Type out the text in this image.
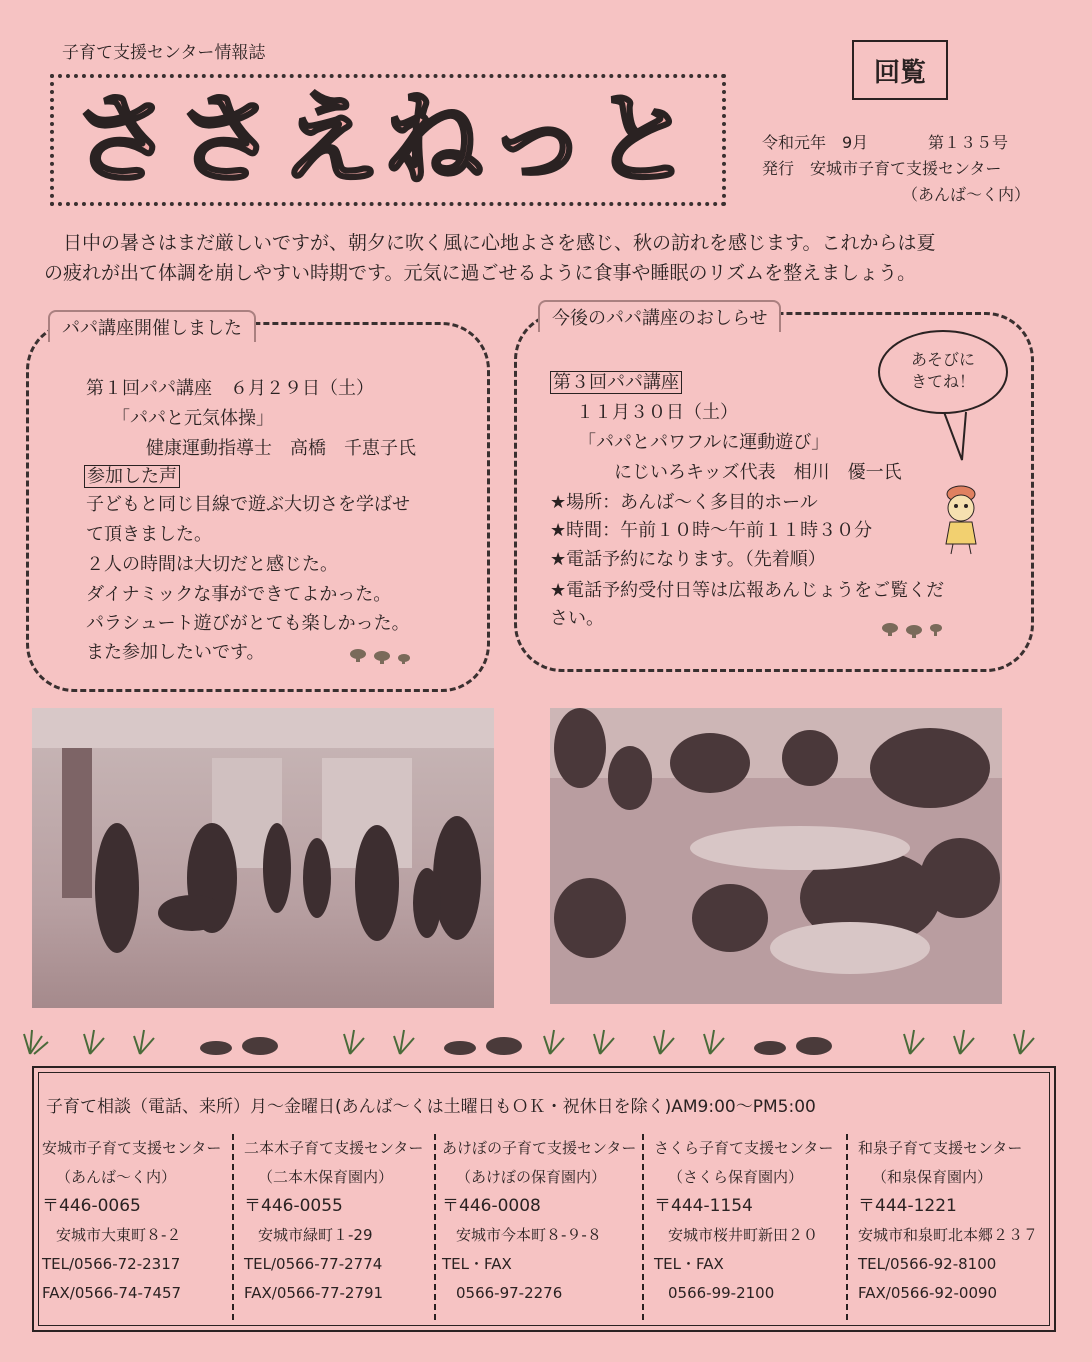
子育て支援センター情報誌
ささえねっと
回覧
令和元年　9月	第１３５号
発行　安城市子育て支援センター
（あんば〜く内）

　日中の暑さはまだ厳しいですが、朝夕に吹く風に心地よさを感じ、秋の訪れを感じます。これからは夏

の疲れが出て体調を崩しやすい時期です。元気に過ごせるように食事や睡眠のリズムを整えましょう。

パパ講座開催しました
第１回パパ講座　６月２９日（土）
「パパと元気体操」
健康運動指導士　高橋　千恵子氏
参加した声
子どもと同じ目線で遊ぶ大切さを学ばせ
て頂きました。
２人の時間は大切だと感じた。
ダイナミックな事ができてよかった。
パラシュート遊びがとても楽しかった。
また参加したいです。
今後のパパ講座のおしらせ
第３回パパ講座
１１月３０日（土）
「パパとパワフルに運動遊び」
にじいろキッズ代表　相川　優一氏
★場所：あんば〜く多目的ホール
★時間：午前１０時〜午前１１時３０分
★電話予約になります。（先着順）
★電話予約受付日等は広報あんじょうをご覧くだ
さい。
あそびに
きてね！
子育て相談（電話、来所）月〜金曜日(あんば〜くは土曜日もＯＫ・祝休日を除く)AM9:00〜PM5:00
安城市子育て支援センター
（あんば〜く内）
〒446-0065
安城市大東町８-２
TEL/0566-72-2317
FAX/0566-74-7457
二本木子育て支援センター
（二本木保育園内）
〒446-0055
安城市緑町１-29
TEL/0566-77-2774
FAX/0566-77-2791
あけぼの子育て支援センター
（あけぼの保育園内）
〒446-0008
安城市今本町８-９-８
TEL・FAX
0566-97-2276
さくら子育て支援センター
（さくら保育園内）
〒444-1154
安城市桜井町新田２０
TEL・FAX
0566-99-2100
和泉子育て支援センター
（和泉保育園内）
〒444-1221
安城市和泉町北本郷２３７
TEL/0566-92-8100
FAX/0566-92-0090
